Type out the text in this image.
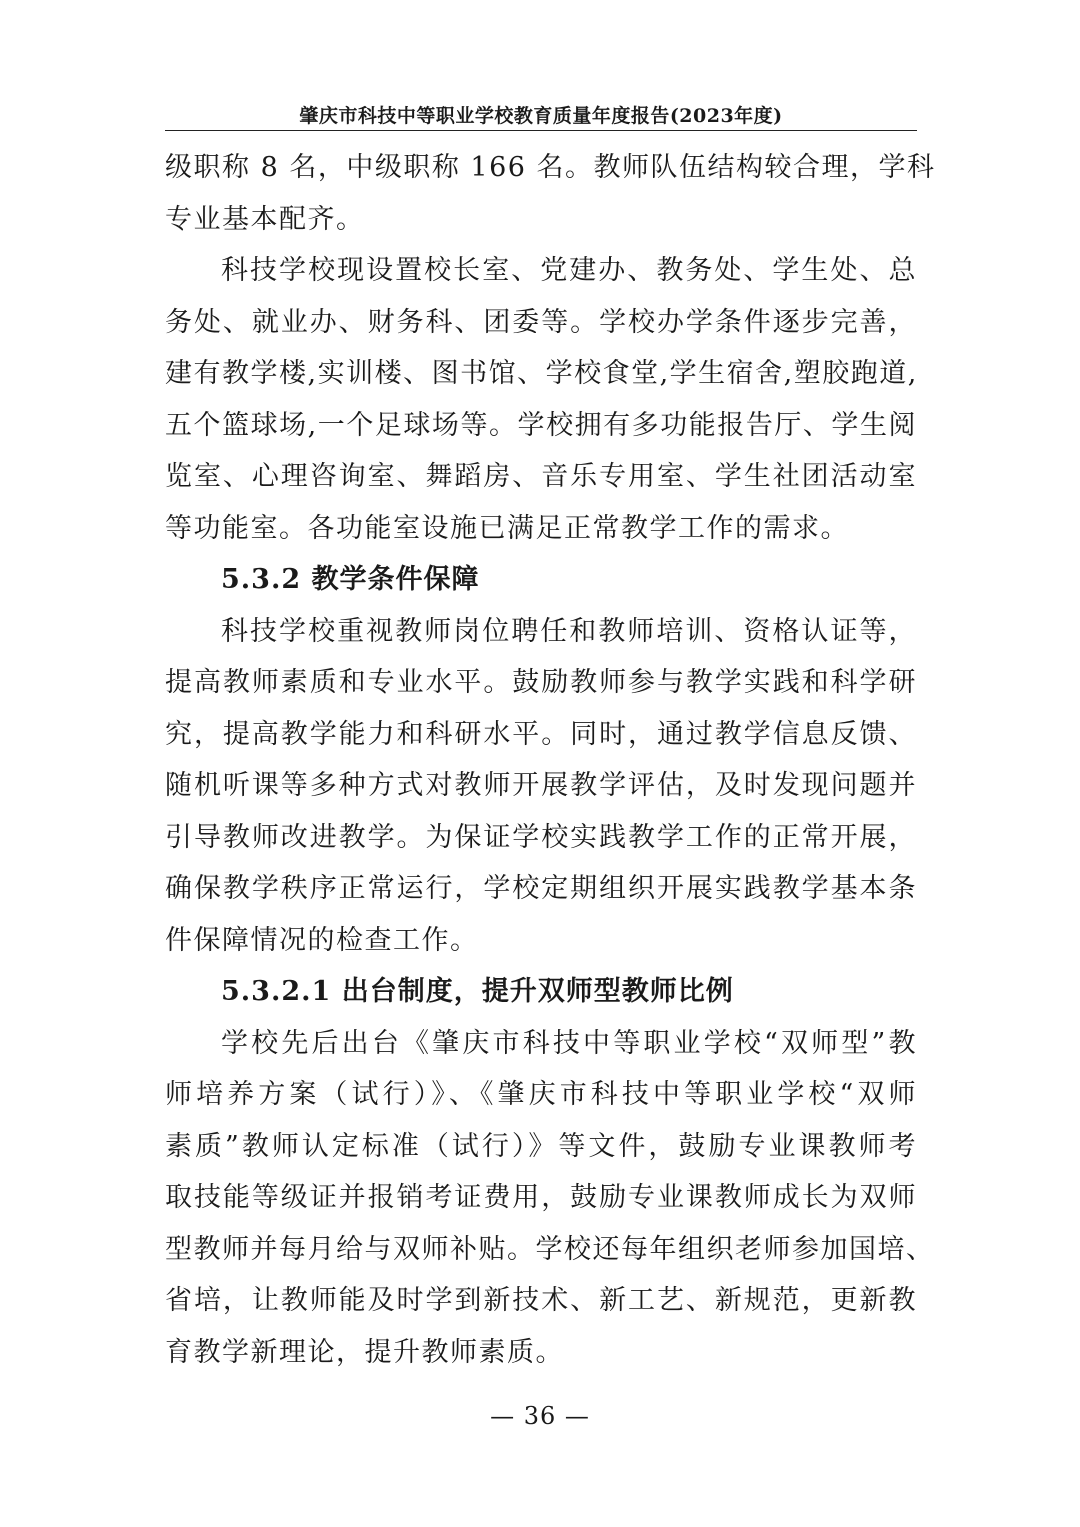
肇庆市科技中等职业学校教育质量年度报告(2023年度)
级职称 8 名，中级职称 166 名。教师队伍结构较合理，学科
专业基本配齐。
科技学校现设置校长室、党建办、教务处、学生处、总
务处、就业办、财务科、团委等。学校办学条件逐步完善，
建有教学楼,实训楼、图书馆、学校食堂,学生宿舍,塑胶跑道,
五个篮球场,一个足球场等。学校拥有多功能报告厅、学生阅
览室、心理咨询室、舞蹈房、音乐专用室、学生社团活动室
等功能室。各功能室设施已满足正常教学工作的需求。
5.3.2 教学条件保障
科技学校重视教师岗位聘任和教师培训、资格认证等，
提高教师素质和专业水平。鼓励教师参与教学实践和科学研
究，提高教学能力和科研水平。同时，通过教学信息反馈、
随机听课等多种方式对教师开展教学评估，及时发现问题并
引导教师改进教学。为保证学校实践教学工作的正常开展，
确保教学秩序正常运行，学校定期组织开展实践教学基本条
件保障情况的检查工作。
5.3.2.1 出台制度，提升双师型教师比例
学校先后出台《肇庆市科技中等职业学校“双师型”教
师培养方案（试行）》、《肇庆市科技中等职业学校“双师
素质”教师认定标准（试行）》等文件，鼓励专业课教师考
取技能等级证并报销考证费用，鼓励专业课教师成长为双师
型教师并每月给与双师补贴。学校还每年组织老师参加国培、
省培，让教师能及时学到新技术、新工艺、新规范，更新教
育教学新理论，提升教师素质。
— 36 —
